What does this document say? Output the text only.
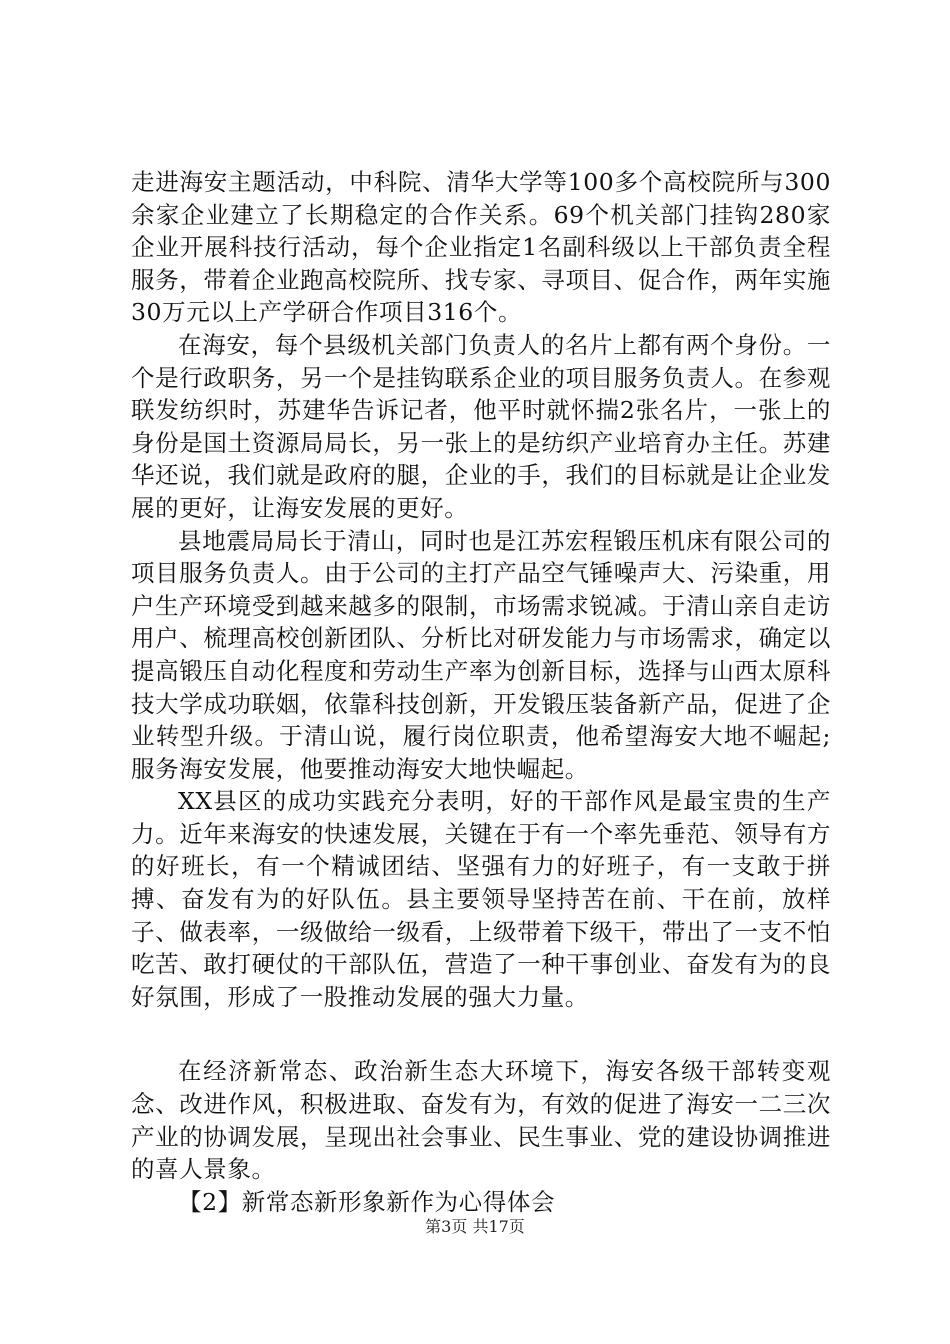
走进海安主题活动，中科院、清华大学等100多个高校院所与300余家企业建立了长期稳定的合作关系。69个机关部门挂钩280家企业开展科技行活动，每个企业指定1名副科级以上干部负责全程服务，带着企业跑高校院所、找专家、寻项目、促合作，两年实施30万元以上产学研合作项目316个。

在海安，每个县级机关部门负责人的名片上都有两个身份。一个是行政职务，另一个是挂钩联系企业的项目服务负责人。在参观联发纺织时，苏建华告诉记者，他平时就怀揣2张名片，一张上的身份是国土资源局局长，另一张上的是纺织产业培育办主任。苏建华还说，我们就是政府的腿，企业的手，我们的目标就是让企业发展的更好，让海安发展的更好。

县地震局局长于清山，同时也是江苏宏程锻压机床有限公司的项目服务负责人。由于公司的主打产品空气锤噪声大、污染重，用户生产环境受到越来越多的限制，市场需求锐减。于清山亲自走访用户、梳理高校创新团队、分析比对研发能力与市场需求，确定以提高锻压自动化程度和劳动生产率为创新目标，选择与山西太原科技大学成功联姻，依靠科技创新，开发锻压装备新产品，促进了企业转型升级。于清山说，履行岗位职责，他希望海安大地不崛起;服务海安发展，他要推动海安大地快崛起。

XX县区的成功实践充分表明，好的干部作风是最宝贵的生产力。近年来海安的快速发展，关键在于有一个率先垂范、领导有方的好班长，有一个精诚团结、坚强有力的好班子，有一支敢于拼搏、奋发有为的好队伍。县主要领导坚持苦在前、干在前，放样子、做表率，一级做给一级看，上级带着下级干，带出了一支不怕吃苦、敢打硬仗的干部队伍，营造了一种干事创业、奋发有为的良好氛围，形成了一股推动发展的强大力量。

在经济新常态、政治新生态大环境下，海安各级干部转变观念、改进作风，积极进取、奋发有为，有效的促进了海安一二三次产业的协调发展，呈现出社会事业、民生事业、党的建设协调推进的喜人景象。

【2】新常态新形象新作为心得体会

第3页 共17页
